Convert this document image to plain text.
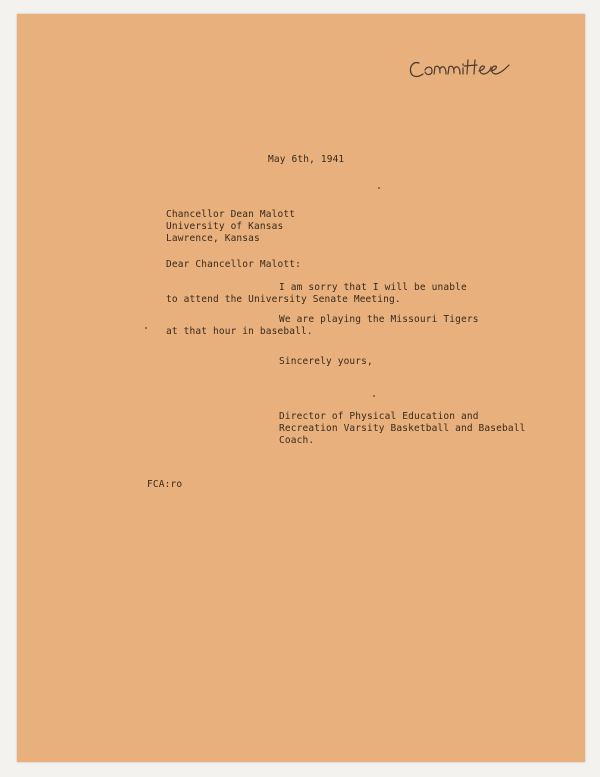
May 6th, 1941
Chancellor Dean Malott
University of Kansas
Lawrence, Kansas
Dear Chancellor Malott:
I am sorry that I will be unable
to attend the University Senate Meeting.
We are playing the Missouri Tigers
at that hour in baseball.
Sincerely yours,
Director of Physical Education and
Recreation Varsity Basketball and Baseball
Coach.
FCA:ro
